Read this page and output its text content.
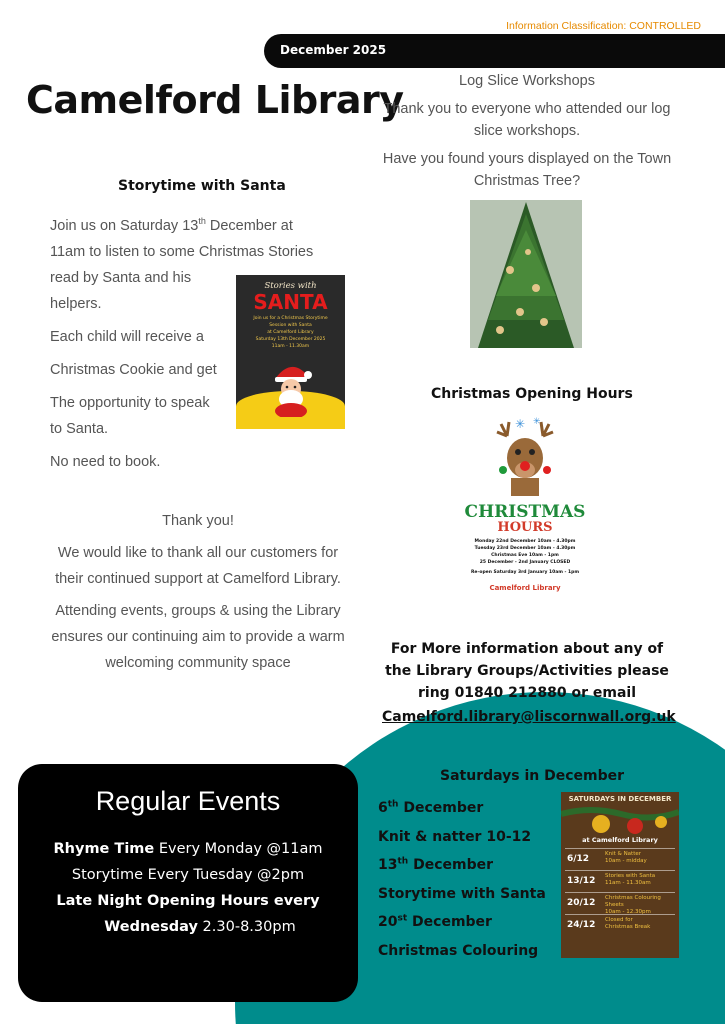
Information Classification: CONTROLLED
December 2025
Camelford Library
Storytime with Santa

Join us on Saturday 13th December at

11am to listen to some Christmas Stories

read by Santa and his

helpers.

Each child will receive a

Christmas Cookie and get

The opportunity to speak

to Santa.

No need to book.

Stories with
SANTA
Join us for a Christmas Storytime
Session with Santa
at Camelford Library
Saturday 13th December 2025
11am - 11.30am

Thank you!

We would like to thank all our customers for their continued support at Camelford Library.

Attending events, groups & using the Library ensures our continuing aim to provide a warm welcoming community space

Log Slice Workshops

Thank you to everyone who attended our log slice workshops.

Have you found yours displayed on the Town Christmas Tree?

Christmas Opening Hours
✳ ✳
CHRISTMAS
HOURS
Monday 22nd December 10am - 4.30pm
Tuesday 23rd December 10am - 4.30pm
Christmas Eve 10am - 1pm
25 December - 2nd January CLOSED
Re-open Saturday 3rd January 10am - 1pm
Camelford Library
For More information about any of the Library Groups/Activities please ring 01840 212880 or email
Camelford.library@liscornwall.org.uk
Regular Events
Rhyme Time Every Monday @11am
Storytime Every Tuesday @2pm
Late Night Opening Hours every
Wednesday 2.30-8.30pm
Saturdays in December
6th December
Knit & natter 10-12
13th December
Storytime with Santa
20st December
Christmas Colouring
SATURDAYS IN DECEMBER
at Camelford Library
6/12	Knit & Natter
10am - midday
13/12 Stories with Santa
11am - 11.30am
20/12 Christmas Colouring Sheets
10am - 12.30pm
24/12 Closed for
Christmas Break
